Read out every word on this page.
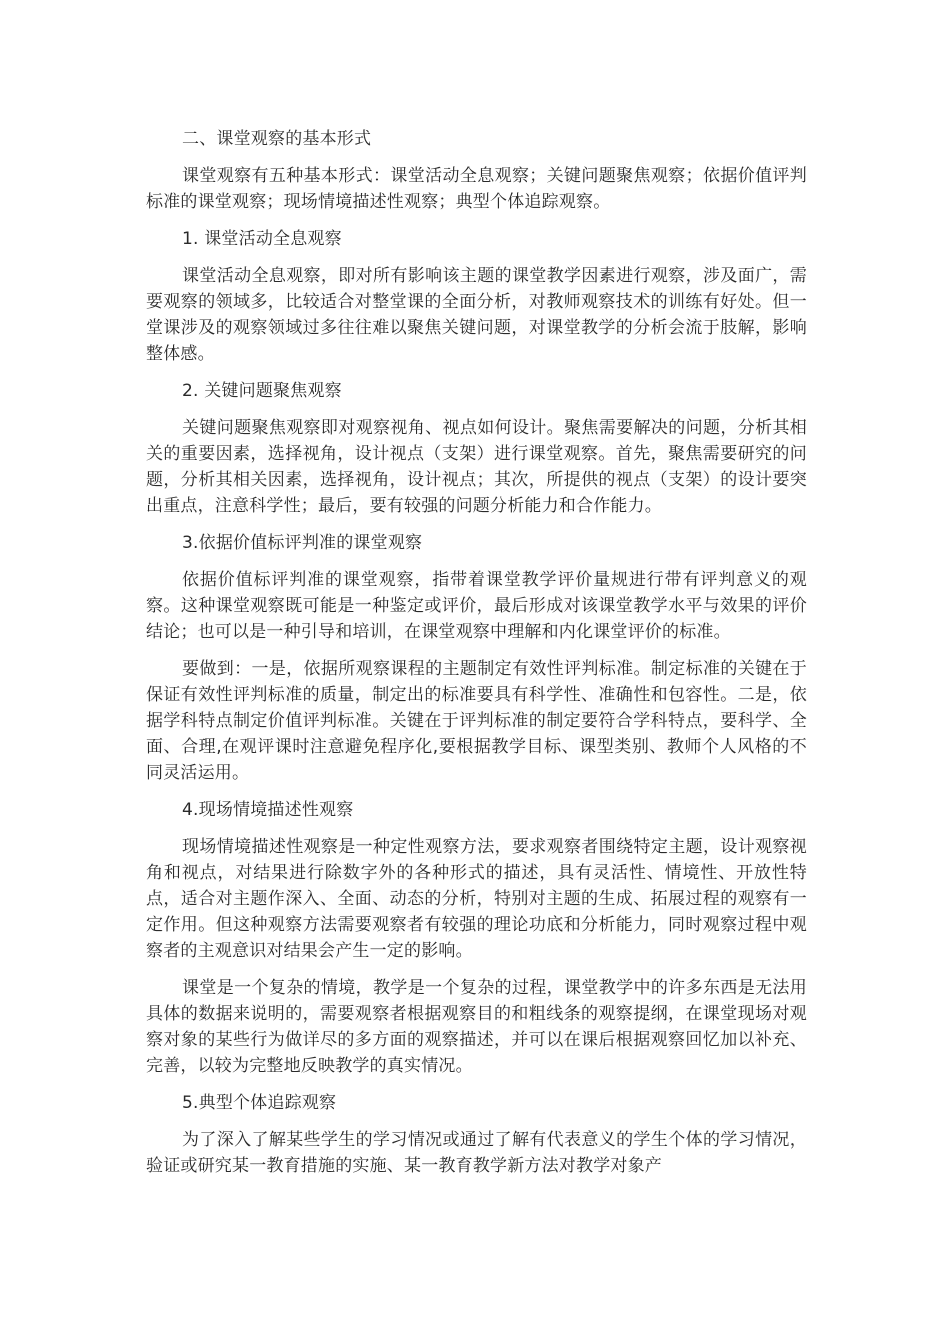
二、课堂观察的基本形式

课堂观察有五种基本形式：课堂活动全息观察；关键问题聚焦观察；依据价值评判标准的课堂观察；现场情境描述性观察；典型个体追踪观察。

1. 课堂活动全息观察

课堂活动全息观察，即对所有影响该主题的课堂教学因素进行观察，涉及面广，需要观察的领域多，比较适合对整堂课的全面分析，对教师观察技术的训练有好处。但一堂课涉及的观察领域过多往往难以聚焦关键问题，对课堂教学的分析会流于肢解，影响整体感。

2. 关键问题聚焦观察

关键问题聚焦观察即对观察视角、视点如何设计。聚焦需要解决的问题，分析其相关的重要因素，选择视角，设计视点（支架）进行课堂观察。首先，聚焦需要研究的问题，分析其相关因素，选择视角，设计视点；其次，所提供的视点（支架）的设计要突出重点，注意科学性；最后，要有较强的问题分析能力和合作能力。

3.依据价值标评判准的课堂观察

依据价值标评判准的课堂观察，指带着课堂教学评价量规进行带有评判意义的观察。这种课堂观察既可能是一种鉴定或评价，最后形成对该课堂教学水平与效果的评价结论；也可以是一种引导和培训，在课堂观察中理解和内化课堂评价的标准。

要做到：一是，依据所观察课程的主题制定有效性评判标准。制定标准的关键在于保证有效性评判标准的质量，制定出的标准要具有科学性、准确性和包容性。二是，依据学科特点制定价值评判标准。关键在于评判标准的制定要符合学科特点，要科学、全面、合理,在观评课时注意避免程序化,要根据教学目标、课型类别、教师个人风格的不同灵活运用。

4.现场情境描述性观察

现场情境描述性观察是一种定性观察方法，要求观察者围绕特定主题，设计观察视角和视点，对结果进行除数字外的各种形式的描述，具有灵活性、情境性、开放性特点，适合对主题作深入、全面、动态的分析，特别对主题的生成、拓展过程的观察有一定作用。但这种观察方法需要观察者有较强的理论功底和分析能力，同时观察过程中观察者的主观意识对结果会产生一定的影响。

课堂是一个复杂的情境，教学是一个复杂的过程，课堂教学中的许多东西是无法用具体的数据来说明的，需要观察者根据观察目的和粗线条的观察提纲，在课堂现场对观察对象的某些行为做详尽的多方面的观察描述，并可以在课后根据观察回忆加以补充、完善，以较为完整地反映教学的真实情况。

5.典型个体追踪观察

为了深入了解某些学生的学习情况或通过了解有代表意义的学生个体的学习情况，验证或研究某一教育措施的实施、某一教育教学新方法对教学对象产
